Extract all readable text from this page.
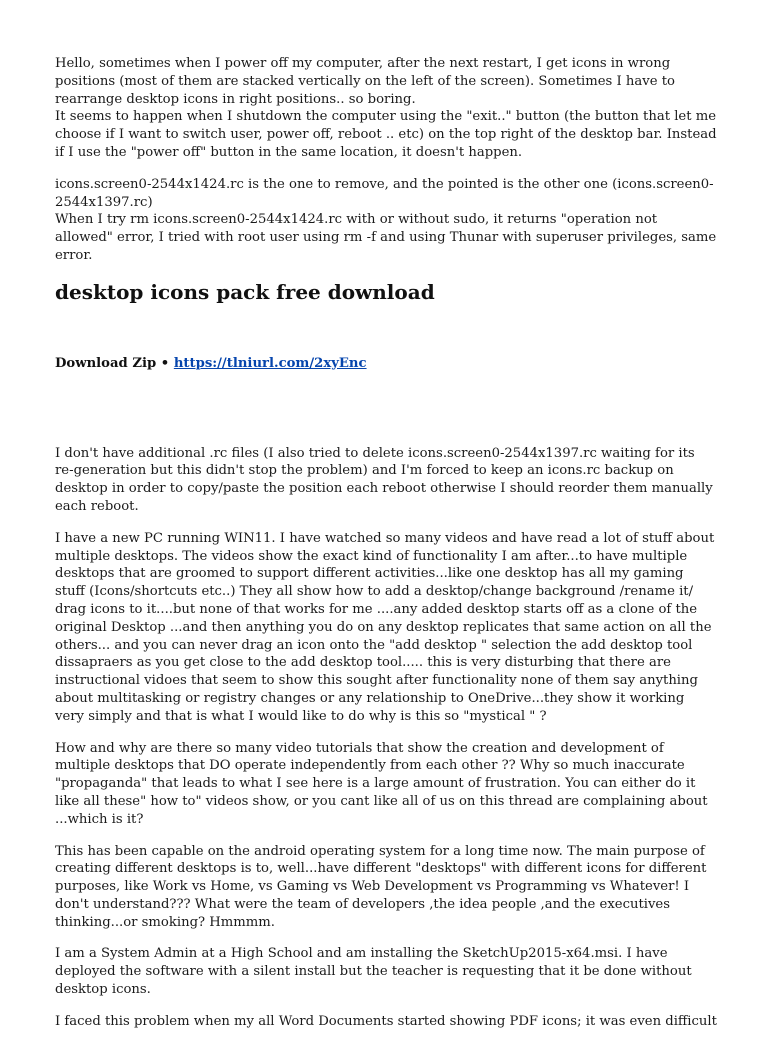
Hello, sometimes when I power off my computer, after the next restart, I get icons in wrong positions (most of them are stacked vertically on the left of the screen). Sometimes I have to rearrange desktop icons in right positions.. so boring.

It seems to happen when I shutdown the computer using the "exit.." button (the button that let me choose if I want to switch user, power off, reboot .. etc) on the top right of the desktop bar. Instead if I use the "power off" button in the same location, it doesn't happen.

icons.screen0-2544x1424.rc is the one to remove, and the pointed is the other one (icons.screen0-2544x1397.rc)

When I try rm icons.screen0-2544x1424.rc with or without sudo, it returns "operation not allowed" error, I tried with root user using rm -f and using Thunar with superuser privileges, same error.

desktop icons pack free download

Download Zip • https://tlniurl.com/2xyEnc

I don't have additional .rc files (I also tried to delete icons.screen0-2544x1397.rc waiting for its re-generation but this didn't stop the problem) and I'm forced to keep an icons.rc backup on desktop in order to copy/paste the position each reboot otherwise I should reorder them manually each reboot.

I have a new PC running WIN11. I have watched so many videos and have read a lot of stuff about multiple desktops. The videos show the exact kind of functionality I am after...to have multiple desktops that are groomed to support different activities...like one desktop has all my gaming stuff (Icons/shortcuts etc..) They all show how to add a desktop/change background /rename it/ drag icons to it....but none of that works for me ....any added desktop starts off as a clone of the original Desktop ...and then anything you do on any desktop replicates that same action on all the others... and you can never drag an icon onto the "add desktop " selection the add desktop tool dissapraers as you get close to the add desktop tool..... this is very disturbing that there are instructional vidoes that seem to show this sought after functionality none of them say anything about multitasking or registry changes or any relationship to OneDrive...they show it working very simply and that is what I would like to do why is this so "mystical " ?

How and why are there so many video tutorials that show the creation and development of multiple desktops that DO operate independently from each other ?? Why so much inaccurate "propaganda" that leads to what I see here is a large amount of frustration. You can either do it like all these" how to" videos show, or you cant like all of us on this thread are complaining about ...which is it?

This has been capable on the android operating system for a long time now. The main purpose of creating different desktops is to, well...have different "desktops" with different icons for different purposes, like Work vs Home, vs Gaming vs Web Development vs Programming vs Whatever! I don't understand??? What were the team of developers ,the idea people ,and the executives thinking...or smoking? Hmmmm.

I am a System Admin at a High School and am installing the SketchUp2015-x64.msi. I have deployed the software with a silent install but the teacher is requesting that it be done without desktop icons.

I faced this problem when my all Word Documents started showing PDF icons; it was even difficult
